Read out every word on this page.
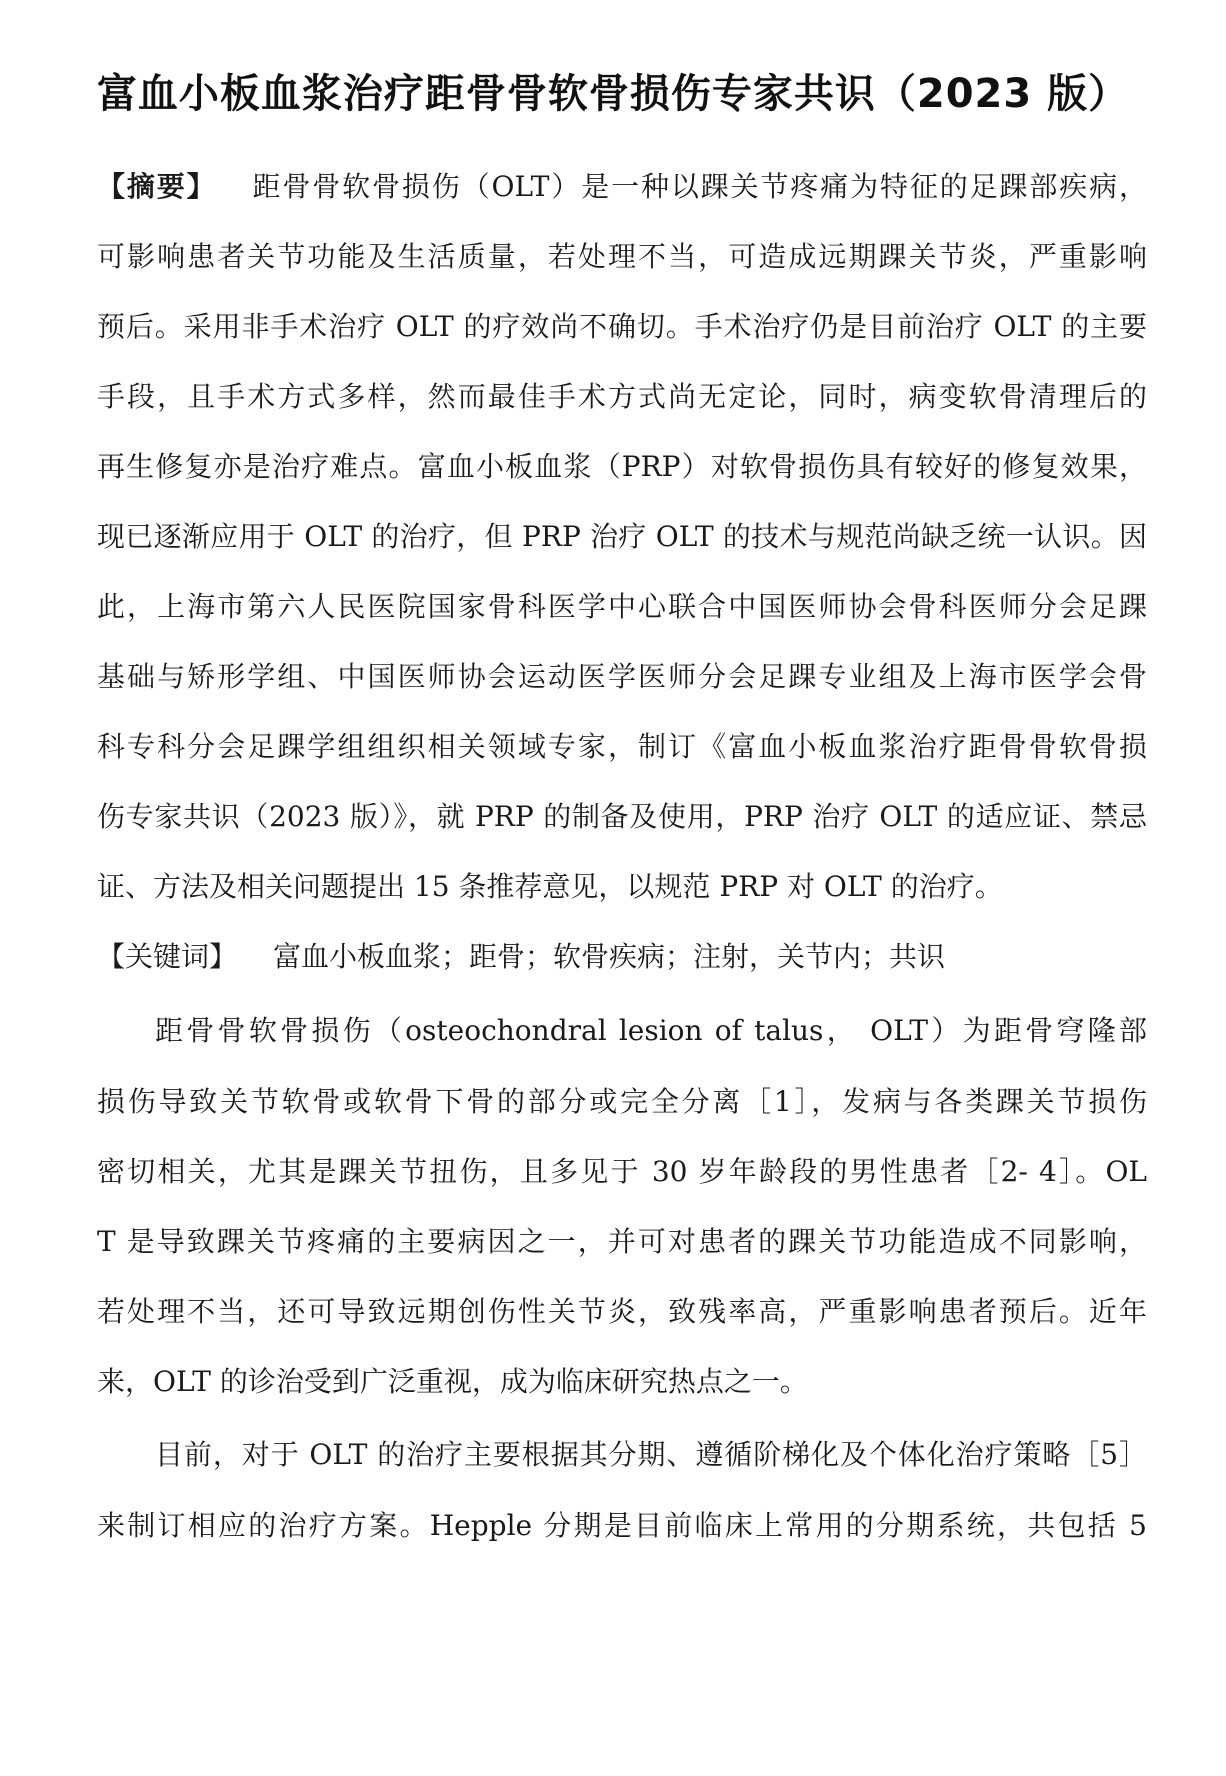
富血小板血浆治疗距骨骨软骨损伤专家共识（2023 版）
【摘要】 距骨骨软骨损伤（OLT）是一种以踝关节疼痛为特征的足踝部疾病，
可影响患者关节功能及生活质量，若处理不当，可造成远期踝关节炎，严重影响
预后。采用非手术治疗 OLT 的疗效尚不确切。手术治疗仍是目前治疗 OLT 的主要
手段，且手术方式多样，然而最佳手术方式尚无定论，同时，病变软骨清理后的
再生修复亦是治疗难点。富血小板血浆（PRP）对软骨损伤具有较好的修复效果，
现已逐渐应用于 OLT 的治疗，但 PRP 治疗 OLT 的技术与规范尚缺乏统一认识。因
此，上海市第六人民医院国家骨科医学中心联合中国医师协会骨科医师分会足踝
基础与矫形学组、中国医师协会运动医学医师分会足踝专业组及上海市医学会骨
科专科分会足踝学组组织相关领域专家，制订《富血小板血浆治疗距骨骨软骨损
伤专家共识（2023 版）》，就 PRP 的制备及使用，PRP 治疗 OLT 的适应证、禁忌
证、方法及相关问题提出 15 条推荐意见，以规范 PRP 对 OLT 的治疗。
【关键词】 富血小板血浆；距骨；软骨疾病；注射，关节内；共识
距骨骨软骨损伤（osteochondral lesion of talus， OLT）为距骨穹隆部
损伤导致关节软骨或软骨下骨的部分或完全分离［1］，发病与各类踝关节损伤
密切相关，尤其是踝关节扭伤，且多见于 30 岁年龄段的男性患者［2- 4］。OL
T 是导致踝关节疼痛的主要病因之一，并可对患者的踝关节功能造成不同影响，
若处理不当，还可导致远期创伤性关节炎，致残率高，严重影响患者预后。近年
来，OLT 的诊治受到广泛重视，成为临床研究热点之一。
目前，对于 OLT 的治疗主要根据其分期、遵循阶梯化及个体化治疗策略［5］
来制订相应的治疗方案。Hepple 分期是目前临床上常用的分期系统，共包括 5
